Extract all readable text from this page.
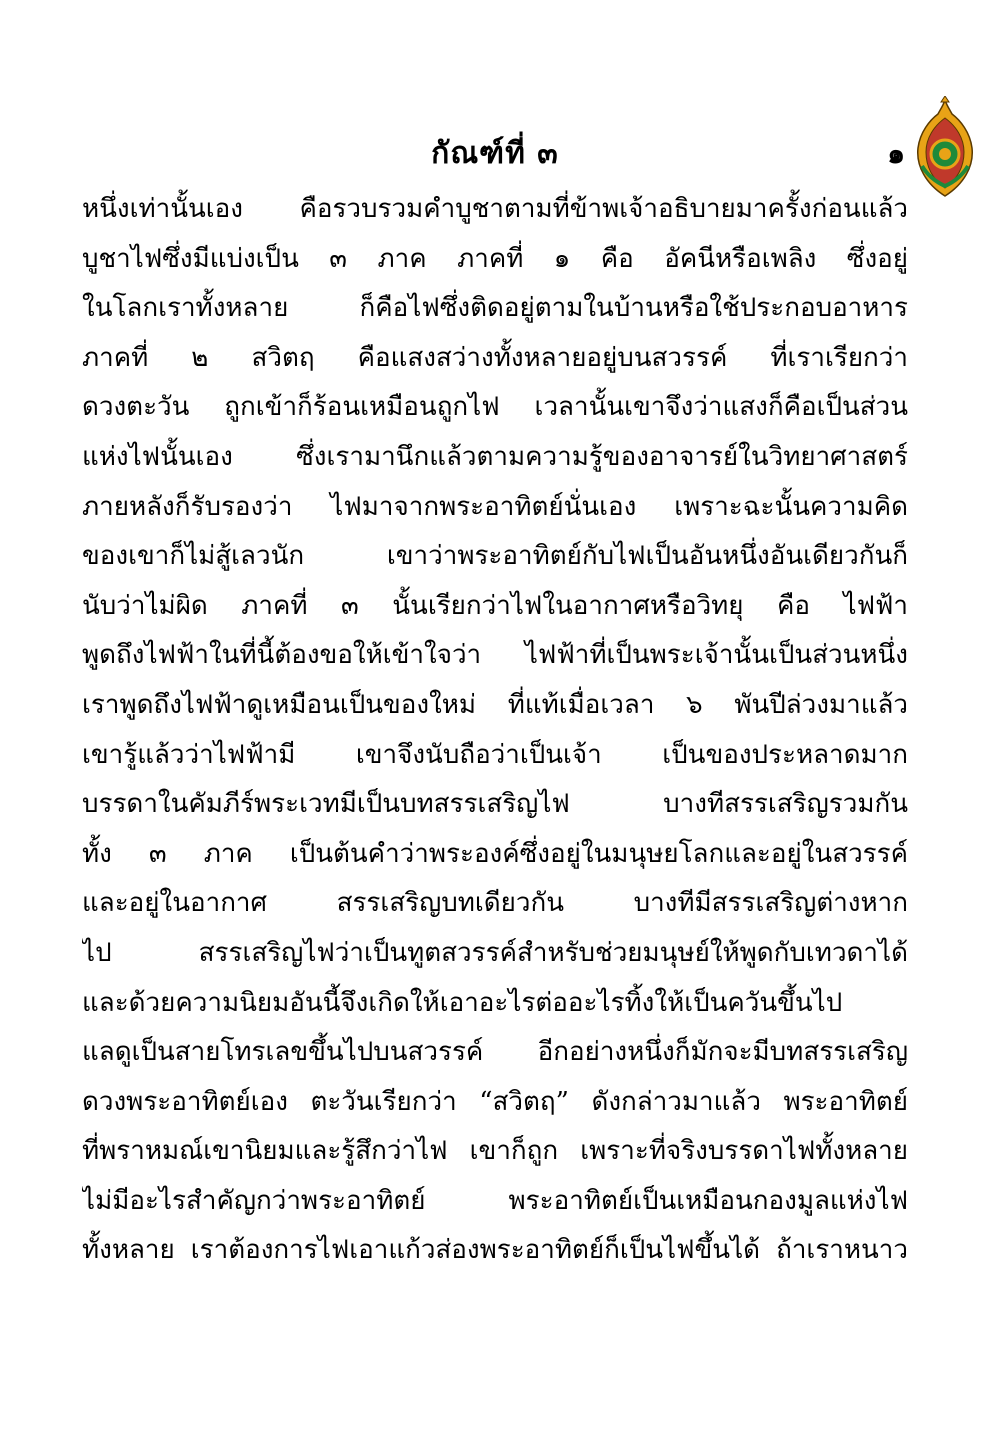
กัณฑ์ที่ ๓	๑
หนึ่งเท่านั้นเอง คือรวบรวมคำบูชาตามที่ข้าพเจ้าอธิบายมาครั้งก่อนแล้ว
บูชาไฟซึ่งมีแบ่งเป็น ๓ ภาค ภาคที่ ๑ คือ อัคนีหรือเพลิง ซึ่งอยู่
ในโลกเราทั้งหลาย ก็คือไฟซึ่งติดอยู่ตามในบ้านหรือใช้ประกอบอาหาร
ภาคที่ ๒ สวิตฤ คือแสงสว่างทั้งหลายอยู่บนสวรรค์ ที่เราเรียกว่า
ดวงตะวัน ถูกเข้าก็ร้อนเหมือนถูกไฟ เวลานั้นเขาจึงว่าแสงก็คือเป็นส่วน
แห่งไฟนั้นเอง ซึ่งเรามานึกแล้วตามความรู้ของอาจารย์ในวิทยาศาสตร์
ภายหลังก็รับรองว่า ไฟมาจากพระอาทิตย์นั่นเอง เพราะฉะนั้นความคิด
ของเขาก็ไม่สู้เลวนัก เขาว่าพระอาทิตย์กับไฟเป็นอันหนึ่งอันเดียวกันก็
นับว่าไม่ผิด ภาคที่ ๓ นั้นเรียกว่าไฟในอากาศหรือวิทยุ คือ ไฟฟ้า
พูดถึงไฟฟ้าในที่นี้ต้องขอให้เข้าใจว่า ไฟฟ้าที่เป็นพระเจ้านั้นเป็นส่วนหนึ่ง
เราพูดถึงไฟฟ้าดูเหมือนเป็นของใหม่ ที่แท้เมื่อเวลา ๖ พันปีล่วงมาแล้ว
เขารู้แล้วว่าไฟฟ้ามี เขาจึงนับถือว่าเป็นเจ้า เป็นของประหลาดมาก
บรรดาในคัมภีร์พระเวทมีเป็นบทสรรเสริญไฟ บางทีสรรเสริญรวมกัน
ทั้ง ๓ ภาค เป็นต้นคำว่าพระองค์ซึ่งอยู่ในมนุษยโลกและอยู่ในสวรรค์
และอยู่ในอากาศ สรรเสริญบทเดียวกัน บางทีมีสรรเสริญต่างหาก
ไป สรรเสริญไฟว่าเป็นทูตสวรรค์สำหรับช่วยมนุษย์ให้พูดกับเทวดาได้
และด้วยความนิยมอันนี้จึงเกิดให้เอาอะไรต่ออะไรทิ้งให้เป็นควันขึ้นไป
แลดูเป็นสายโทรเลขขึ้นไปบนสวรรค์ อีกอย่างหนึ่งก็มักจะมีบทสรรเสริญ
ดวงพระอาทิตย์เอง ตะวันเรียกว่า “สวิตฤ” ดังกล่าวมาแล้ว พระอาทิตย์
ที่พราหมณ์เขานิยมและรู้สึกว่าไฟ เขาก็ถูก เพราะที่จริงบรรดาไฟทั้งหลาย
ไม่มีอะไรสำคัญกว่าพระอาทิตย์ พระอาทิตย์เป็นเหมือนกองมูลแห่งไฟ
ทั้งหลาย เราต้องการไฟเอาแก้วส่องพระอาทิตย์ก็เป็นไฟขึ้นได้ ถ้าเราหนาว
